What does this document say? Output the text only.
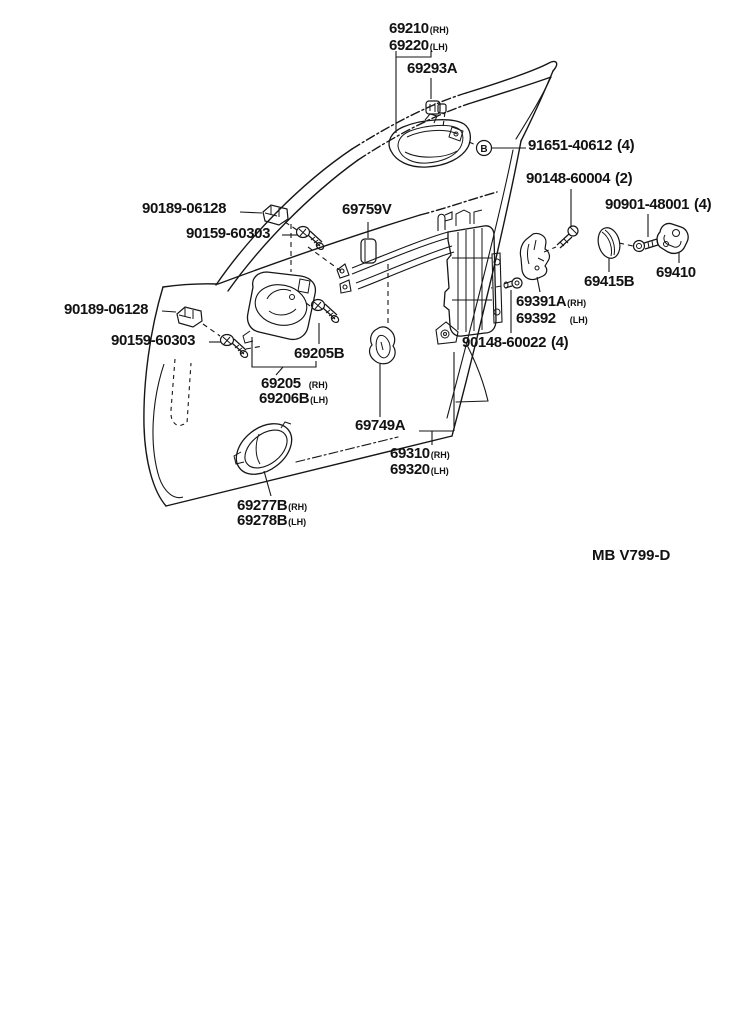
B
69210(RH)
69220(LH)
69293A
91651-40612 (4)
90148-60004 (2)
90901-48001 (4)
69415B
69410
69391A(RH)
69392 (LH)
90148-60022 (4)
90189-06128
90159-60303
69759V
90189-06128
90159-60303
69205B
69205 (RH)
69206B(LH)
69749A
69310(RH)
69320(LH)
69277B(RH)
69278B(LH)
MB V799-D
